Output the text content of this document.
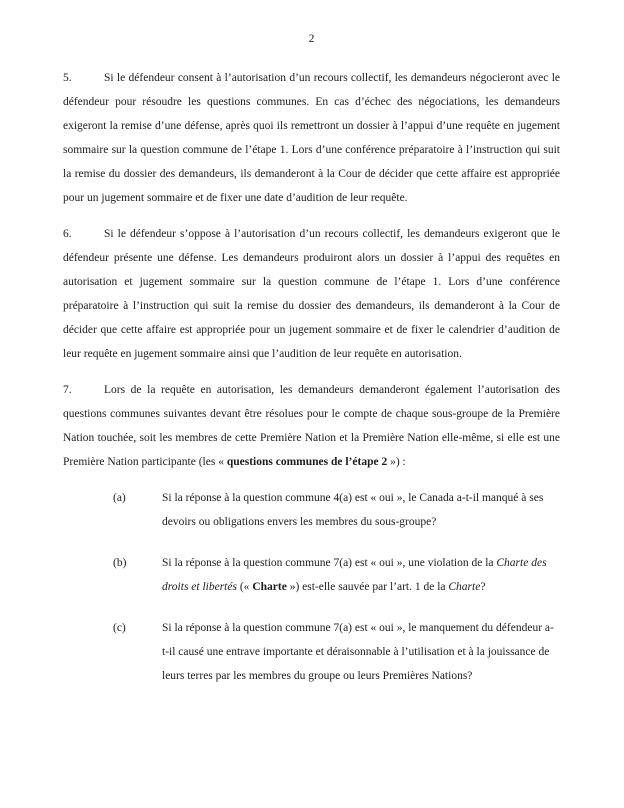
2
5.	Si le défendeur consent à l’autorisation d’un recours collectif, les demandeurs négocieront avec le défendeur pour résoudre les questions communes. En cas d’échec des négociations, les demandeurs exigeront la remise d’une défense, après quoi ils remettront un dossier à l’appui d’une requête en jugement sommaire sur la question commune de l’étape 1. Lors d’une conférence préparatoire à l’instruction qui suit la remise du dossier des demandeurs, ils demanderont à la Cour de décider que cette affaire est appropriée pour un jugement sommaire et de fixer une date d’audition de leur requête.
6.	Si le défendeur s’oppose à l’autorisation d’un recours collectif, les demandeurs exigeront que le défendeur présente une défense. Les demandeurs produiront alors un dossier à l’appui des requêtes en autorisation et jugement sommaire sur la question commune de l’étape 1. Lors d’une conférence préparatoire à l’instruction qui suit la remise du dossier des demandeurs, ils demanderont à la Cour de décider que cette affaire est appropriée pour un jugement sommaire et de fixer le calendrier d’audition de leur requête en jugement sommaire ainsi que l’audition de leur requête en autorisation.
7.	Lors de la requête en autorisation, les demandeurs demanderont également l’autorisation des questions communes suivantes devant être résolues pour le compte de chaque sous-groupe de la Première Nation touchée, soit les membres de cette Première Nation et la Première Nation elle-même, si elle est une Première Nation participante (les « questions communes de l’étape 2 ») :
(a)	Si la réponse à la question commune 4(a) est « oui », le Canada a-t-il manqué à ses devoirs ou obligations envers les membres du sous-groupe?
(b)	Si la réponse à la question commune 7(a) est « oui », une violation de la Charte des droits et libertés (« Charte ») est-elle sauvée par l’art. 1 de la Charte?
(c)	Si la réponse à la question commune 7(a) est « oui », le manquement du défendeur a-t-il causé une entrave importante et déraisonnable à l’utilisation et à la jouissance de leurs terres par les membres du groupe ou leurs Premières Nations?
